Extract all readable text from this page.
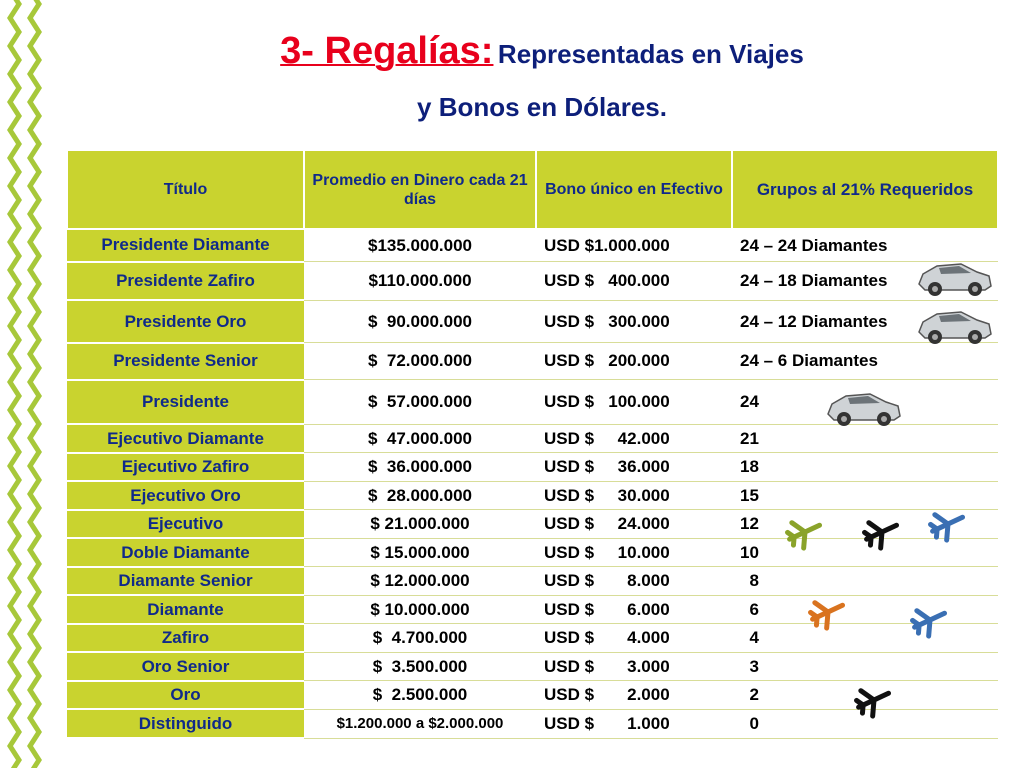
3- Regalías: Representadas en Viajes
y Bonos en Dólares.
Título	Promedio en Dinero cada 21 días	Bono único en Efectivo	Grupos al 21% Requeridos
Presidente Diamante	$135.000.000	USD $1.000.000	24 – 24 Diamantes
Presidente Zafiro	$110.000.000	USD $   400.000	24 – 18 Diamantes
Presidente Oro	$  90.000.000	USD $   300.000	24 – 12 Diamantes
Presidente Senior	$  72.000.000	USD $   200.000	24 – 6 Diamantes
Presidente	$  57.000.000	USD $   100.000	24
Ejecutivo Diamante	$  47.000.000	USD $     42.000	21
Ejecutivo Zafiro	$  36.000.000	USD $     36.000	18
Ejecutivo Oro	$  28.000.000	USD $     30.000	15
Ejecutivo	$ 21.000.000	USD $     24.000	12
Doble Diamante	$ 15.000.000	USD $     10.000	10
Diamante Senior	$ 12.000.000	USD $       8.000	8
Diamante	$ 10.000.000	USD $       6.000	6
Zafiro	$  4.700.000	USD $       4.000	4
Oro Senior	$  3.500.000	USD $       3.000	3
Oro	$  2.500.000	USD $       2.000	2
Distinguido	$1.200.000 a $2.000.000	USD $       1.000	0
